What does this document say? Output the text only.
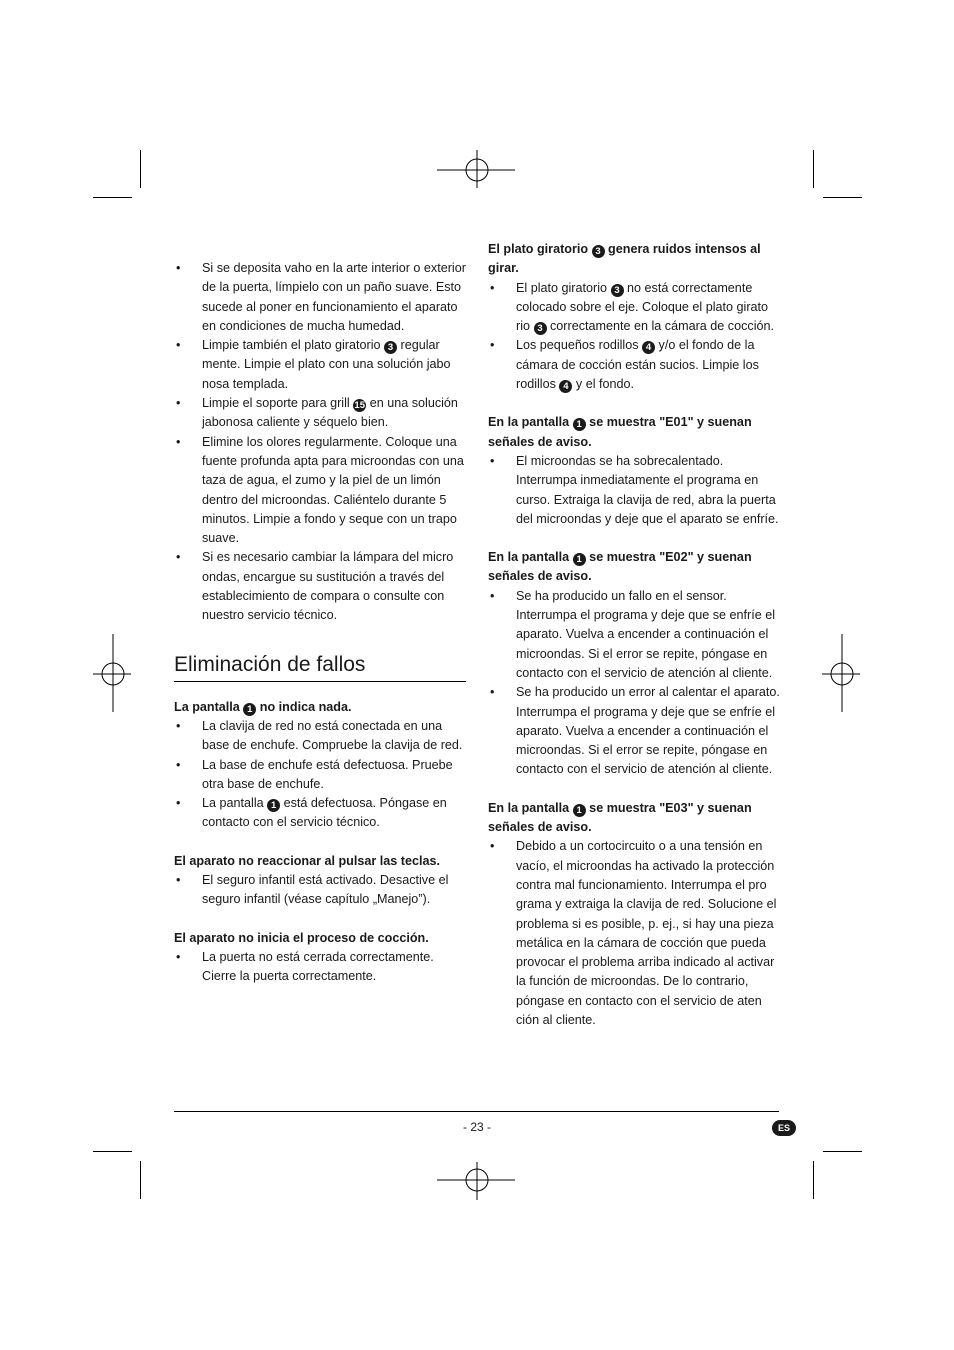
• Si se deposita vaho en la arte interior o exterior de la puerta, límpielo con un paño suave. Esto sucede al poner en funcionamiento el aparato en condiciones de mucha humedad.
• Limpie también el plato giratorio 3 regular mente. Limpie el plato con una solución jabo nosa templada.
• Limpie el soporte para grill 15 en una solución jabonosa caliente y séquelo bien.
• Elimine los olores regularmente. Coloque una fuente profunda apta para microondas con una taza de agua, el zumo y la piel de un limón dentro del microondas. Caliéntelo durante 5 minutos. Limpie a fondo y seque con un trapo suave.
• Si es necesario cambiar la lámpara del micro ondas, encargue su sustitución a través del establecimiento de compara o consulte con nuestro servicio técnico.
Eliminación de fallos
La pantalla 1 no indica nada.
• La clavija de red no está conectada en una base de enchufe. Compruebe la clavija de red.
• La base de enchufe está defectuosa. Pruebe otra base de enchufe.
• La pantalla 1 está defectuosa. Póngase en contacto con el servicio técnico.
El aparato no reaccionar al pulsar las teclas.
• El seguro infantil está activado. Desactive el seguro infantil (véase capítulo „Manejo”).
El aparato no inicia el proceso de cocción.
• La puerta no está cerrada correctamente. Cierre la puerta correctamente.
El plato giratorio 3 genera ruidos intensos al girar.
• El plato giratorio 3 no está correctamente colocado sobre el eje. Coloque el plato girato rio 3 correctamente en la cámara de cocción.
• Los pequeños rodillos 4 y/o el fondo de la cámara de cocción están sucios. Limpie los rodillos 4 y el fondo.
En la pantalla 1 se muestra "E01" y suenan señales de aviso.
• El microondas se ha sobrecalentado. Interrumpa inmediatamente el programa en curso. Extraiga la clavija de red, abra la puerta del microondas y deje que el aparato se enfríe.
En la pantalla 1 se muestra "E02" y suenan señales de aviso.
• Se ha producido un fallo en el sensor. Interrumpa el programa y deje que se enfríe el aparato. Vuelva a encender a continuación el microondas. Si el error se repite, póngase en contacto con el servicio de atención al cliente.
• Se ha producido un error al calentar el aparato. Interrumpa el programa y deje que se enfríe el aparato. Vuelva a encender a continuación el microondas. Si el error se repite, póngase en contacto con el servicio de atención al cliente.
En la pantalla 1 se muestra "E03" y suenan señales de aviso.
• Debido a un cortocircuito o a una tensión en vacío, el microondas ha activado la protección contra mal funcionamiento. Interrumpa el pro grama y extraiga la clavija de red. Solucione el problema si es posible, p. ej., si hay una pieza metálica en la cámara de cocción que pueda provocar el problema arriba indicado al activar la función de microondas. De lo contrario, póngase en contacto con el servicio de aten ción al cliente.
- 23 -	ES
